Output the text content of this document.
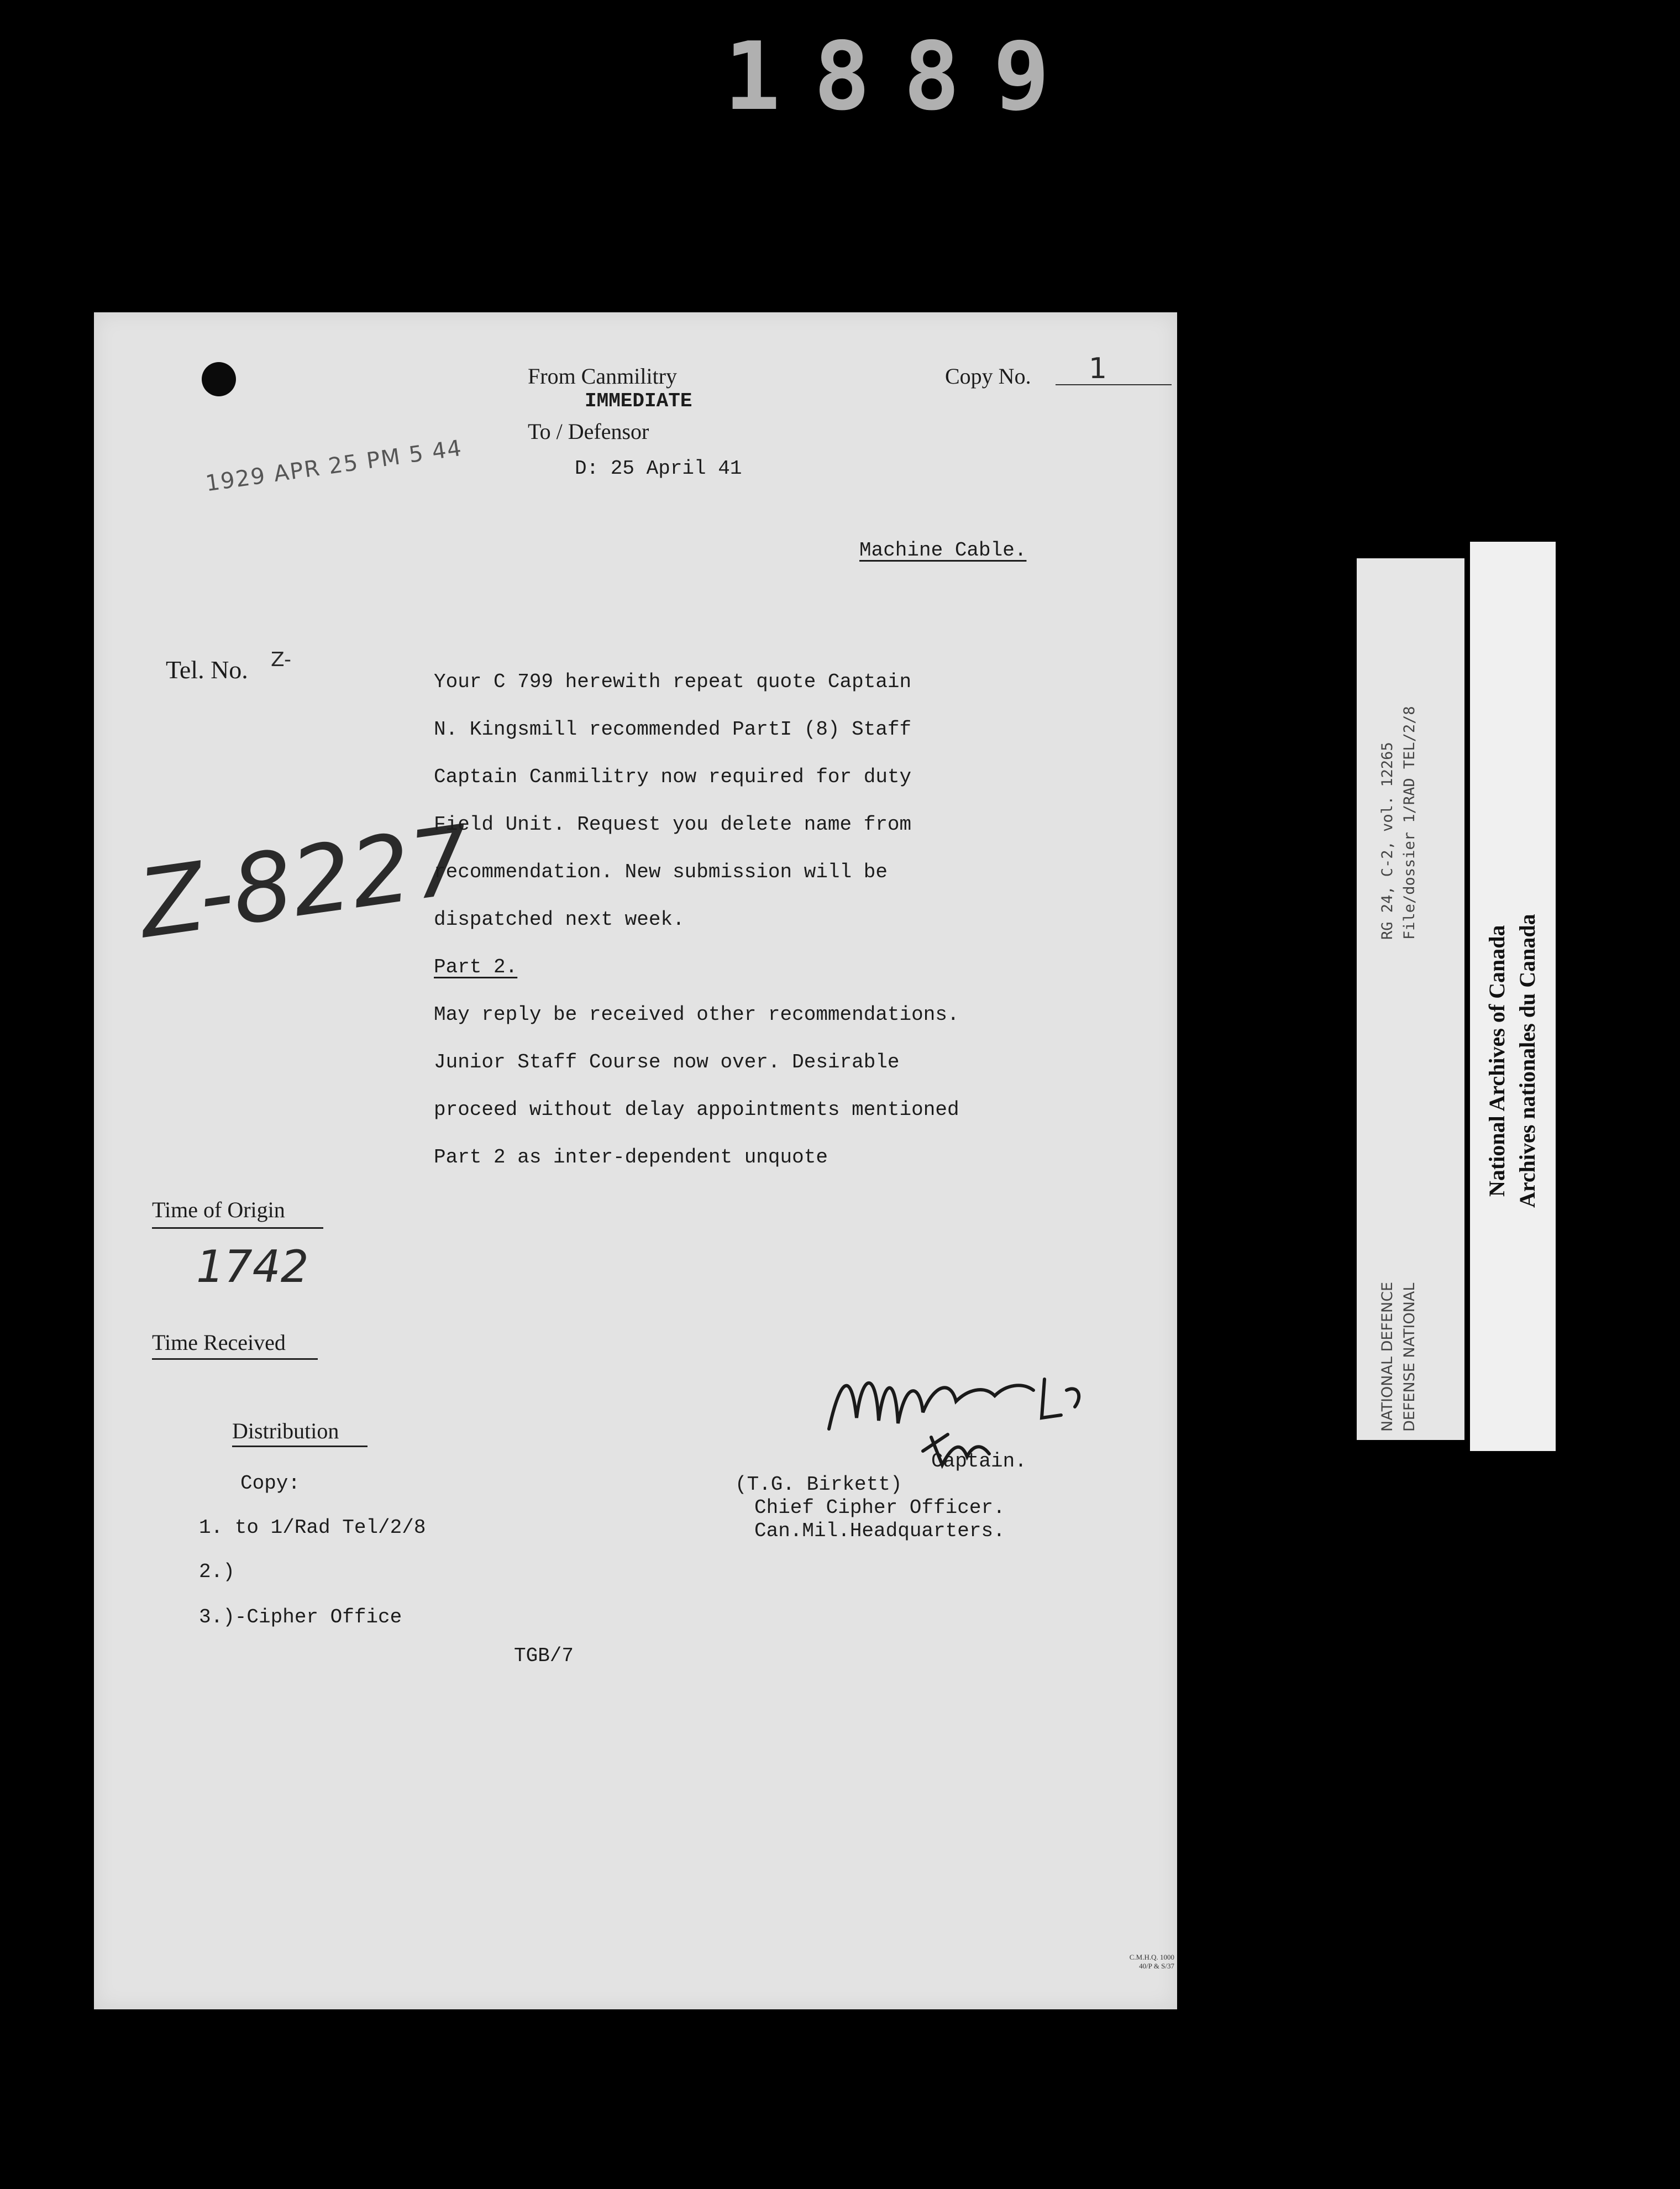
1889
From Canmilitry
IMMEDIATE
To / Defensor
D: 25 April 41
Copy No. 1
1929 APR 25 PM 5 44
Machine Cable.
Tel. No. Z-
Z-8227
Your C 799 herewith repeat quote Captain
N. Kingsmill recommended PartI (8) Staff
Captain Canmilitry now required for duty
Field Unit. Request you delete name from
recommendation. New submission will be
dispatched next week.
Part 2.
May reply be received other recommendations.
Junior Staff Course now over. Desirable
proceed without delay appointments mentioned
Part 2 as inter-dependent unquote
Time of Origin
1742
Time Received
Distribution
Copy:
1. to 1/Rad Tel/2/8
2.)
3.)-Cipher Office
TGB/7
Captain.
(T.G. Birkett)
Chief Cipher Officer.
Can.Mil.Headquarters.
C.M.H.Q. 1000
40/P & S/37
RG 24, C-2, vol. 12265 File/dossier 1/RAD TEL/2/8
NATIONAL DEFENCE DEFENSE NATIONAL
National Archives of Canada Archives nationales du Canada
